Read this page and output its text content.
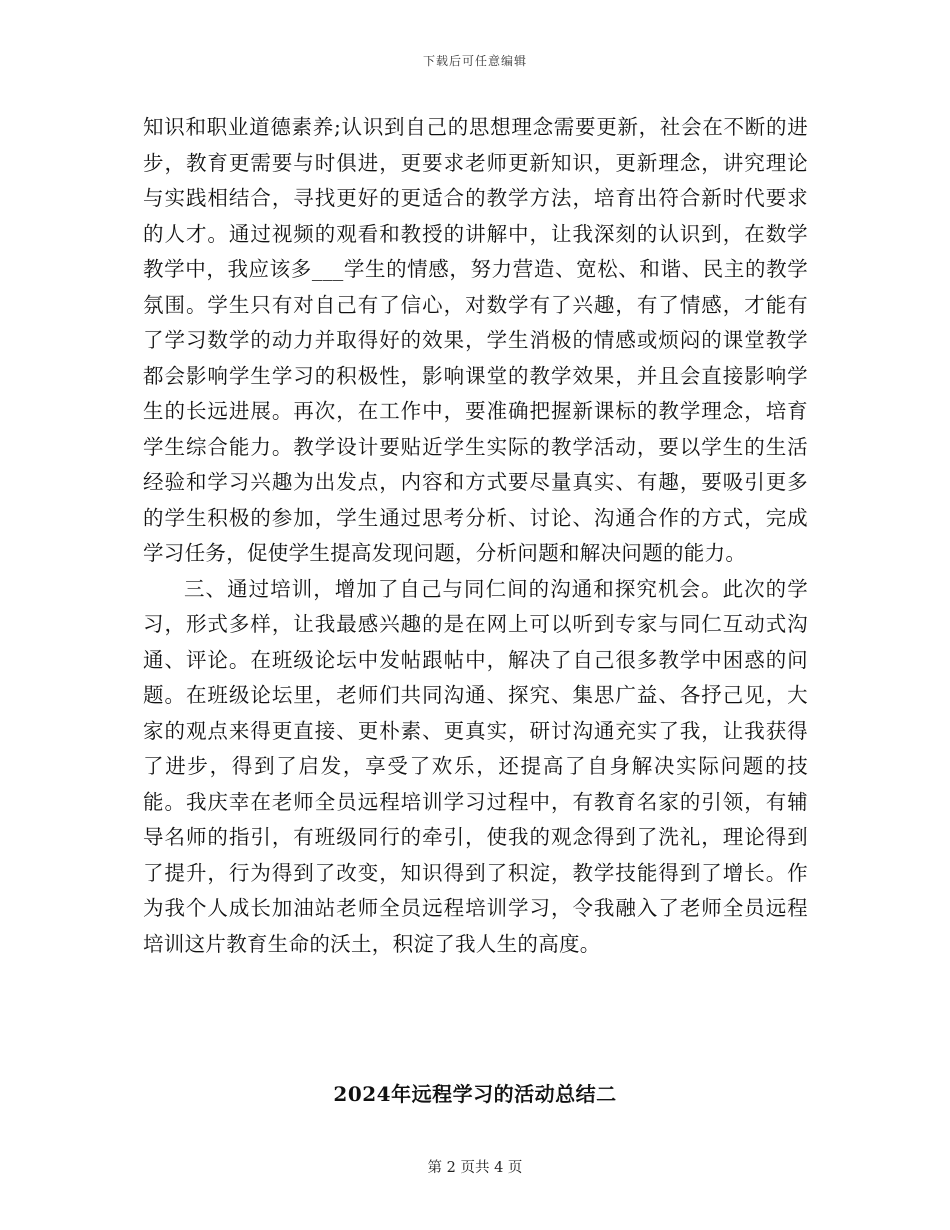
下载后可任意编辑

知识和职业道德素养;认识到自己的思想理念需要更新，社会在不断的进步，教育更需要与时俱进，更要求老师更新知识，更新理念，讲究理论与实践相结合，寻找更好的更适合的教学方法，培育出符合新时代要求的人才。通过视频的观看和教授的讲解中，让我深刻的认识到，在数学教学中，我应该多___学生的情感，努力营造、宽松、和谐、民主的教学氛围。学生只有对自己有了信心，对数学有了兴趣，有了情感，才能有了学习数学的动力并取得好的效果，学生消极的情感或烦闷的课堂教学都会影响学生学习的积极性，影响课堂的教学效果，并且会直接影响学生的长远进展。再次，在工作中，要准确把握新课标的教学理念，培育学生综合能力。教学设计要贴近学生实际的教学活动，要以学生的生活经验和学习兴趣为出发点，内容和方式要尽量真实、有趣，要吸引更多的学生积极的参加，学生通过思考分析、讨论、沟通合作的方式，完成学习任务，促使学生提高发现问题，分析问题和解决问题的能力。

三、通过培训，增加了自己与同仁间的沟通和探究机会。此次的学习，形式多样，让我最感兴趣的是在网上可以听到专家与同仁互动式沟通、评论。在班级论坛中发帖跟帖中，解决了自己很多教学中困惑的问题。在班级论坛里，老师们共同沟通、探究、集思广益、各抒己见，大家的观点来得更直接、更朴素、更真实，研讨沟通充实了我，让我获得了进步，得到了启发，享受了欢乐，还提高了自身解决实际问题的技能。我庆幸在老师全员远程培训学习过程中，有教育名家的引领，有辅导名师的指引，有班级同行的牵引，使我的观念得到了洗礼，理论得到了提升，行为得到了改变，知识得到了积淀，教学技能得到了增长。作为我个人成长加油站老师全员远程培训学习，令我融入了老师全员远程培训这片教育生命的沃土，积淀了我人生的高度。

2024年远程学习的活动总结二
第 2 页共 4 页
